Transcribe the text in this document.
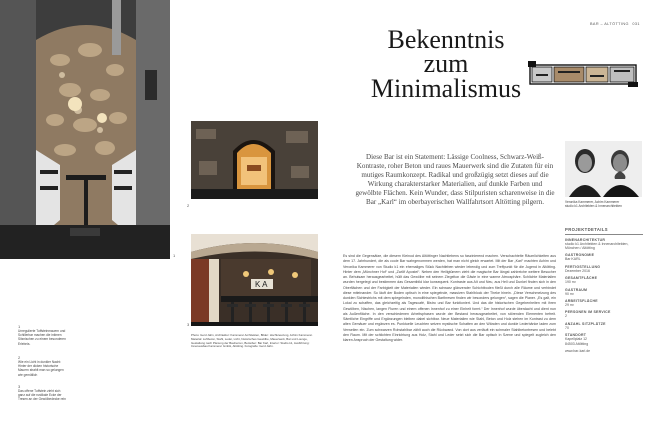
1
1
Unregulierte Tuffsteinmauern und Schillerbar machen die intimen Sitznischen zu einem besonderen Erlebnis.
2
Wie ein Licht in dunkler Nacht: Hinter der dicken historische Mauern strahlt man so gelungen wie gemütlich
3
Das offene Tuffstein zieht sich ganz auf die rustikale Ecke der Tresen an der Gewölbedecke rein
2
K A
3
Photo: Gerd Jahn, Architektur: Kammerer Architekten, Bilder: Hochkreuzung, Achim Kammerer. Material: Luftbeton, Stahl, Leder, Licht, historisches Gewölbe, Mauerwerk, Bar und Lounge, Gestaltung nach Planung der Bauherren, Betreiber: Bar Karl, Interior: Studio k1, Ausführung: Innenausbau Kammerer GmbH, Altötting. Fotografie: Gerd Jahn.
BAR – ALTÖTTING 031
Bekenntnis
zum
Minimalismus
Diese Bar ist ein Statement: Lässige Coolness, Schwarz-Weiß-Kontraste, roher Beton und raues Mauerwerk sind die Zutaten für ein mutiges Raumkonzept. Radikal und großzügig setzt dieses auf die Wirkung charakterstarker Materialien, auf dunkle Farben und gewölbte Flächen. Kein Wunder, dass Stilpuristen scharenweise in die Bar „Karl“ im oberbayerischen Wallfahrtsort Altötting pilgern.
Es sind die Gegensätze, die diesem Kleinod des Altöttinger Nachtlebens so faszinierend machen. Verschachtelte Räumlichkeiten aus dem 17. Jahrhundert, die als coole Bar wahrgenommen werden, hat man nicht gleich erwartet. Mit der Bar „Karl“ machten Achim und Veronika Kammerer von Studio k1 ein ehemaliges Stück Nachtleben wieder lebendig und zum Treffpunkt für die Jugend in Altötting. Hinter dem „Münchner Hof“ und „Zwölf Apostel“. Neben den Heiligtümern zieht die magische Bar längst zahlreiche weitere Besucher an. Behutsam herausgearbeitet, hüllt das Gewölbe mit seinem Ziegelton die Gäste in eine warme Atmosphäre. Schlichte Materialien wurden hergelegt und bestimmen das Gesamtbild klar konsequent. Kontraste aus Alt und Neu, aus Hell und Dunkel finden sich in den Oberflächen und der Farbigkeit der Materialien wieder. Ein schwarz glänzender Schichtboden fließt durch alle Räume und verbindet diese miteinander. So läuft der Boden optisch in eine spiegelnde, massiven Stahlblock der Theke hinein. „Diese Verschmelzung des dunklen Sichtestrichs mit dem spiegelnden, monolithischen Barthresen finden wir besonders gelungen“, sagen die Planer. „Es galt, ein Lokal zu schaffen, das gleichzeitig als Tagescafé, Bistro und Bar funktioniert. Und das die historischen Gegebenheiten mit ihren Gewölben, Nischen, langen Fluren und einem offenen Innenhof zu einer Einheit formt.“ Der Innenhof wurde überdacht und dient nun als Außenfläche. In den verschiedenen Arbeitsphasen wurde der Bestand herausgearbeitet, von störenden Elementen befreit. Sämtliche Eingriffe und Ergänzungen bleiben dabei sichtbar. Neue Materialien wie Stahl, Beton und Holz stehen im Kontrast zu dem alten Gemäuer und ergänzen es. Punktuelle Leuchten setzen mystische Schatten an den Wänden und dunkle Lederbänke laden zum Verweilen ein. Zum schwarzen Rohstahlbar zählt auch die Rückwand. Von dort aus verläuft ein schmaler Stahlbetontresen und belebt den Raum. Mit der schlichten Einrichtung aus Holz, Stahl und Leder setzt sich die Bar optisch in Szene und spiegelt zugleich den klaren Anspruch der Gestaltung wider.
Veronika Kammerer, Achim Kammerer
studio k1 Architekten & Innenarchitekten
PROJEKTDETAILS
INNENARCHITEKTUR
studio k1 Architekten & Innenarchitekten, München / Altötting
GASTRONOMIE
Bar KARL
FERTIGSTELLUNG
Dezember 2016
GESAMTFLÄCHE
190 m²
GASTRAUM
90 m²
ARBEITSFLÄCHE
29 m²
PERSONEN IM SERVICE
2
ANZAHL SITZPLÄTZE
70
STANDORT
Kapellplatz 12
84503 Altötting
www.bar-karl.de
